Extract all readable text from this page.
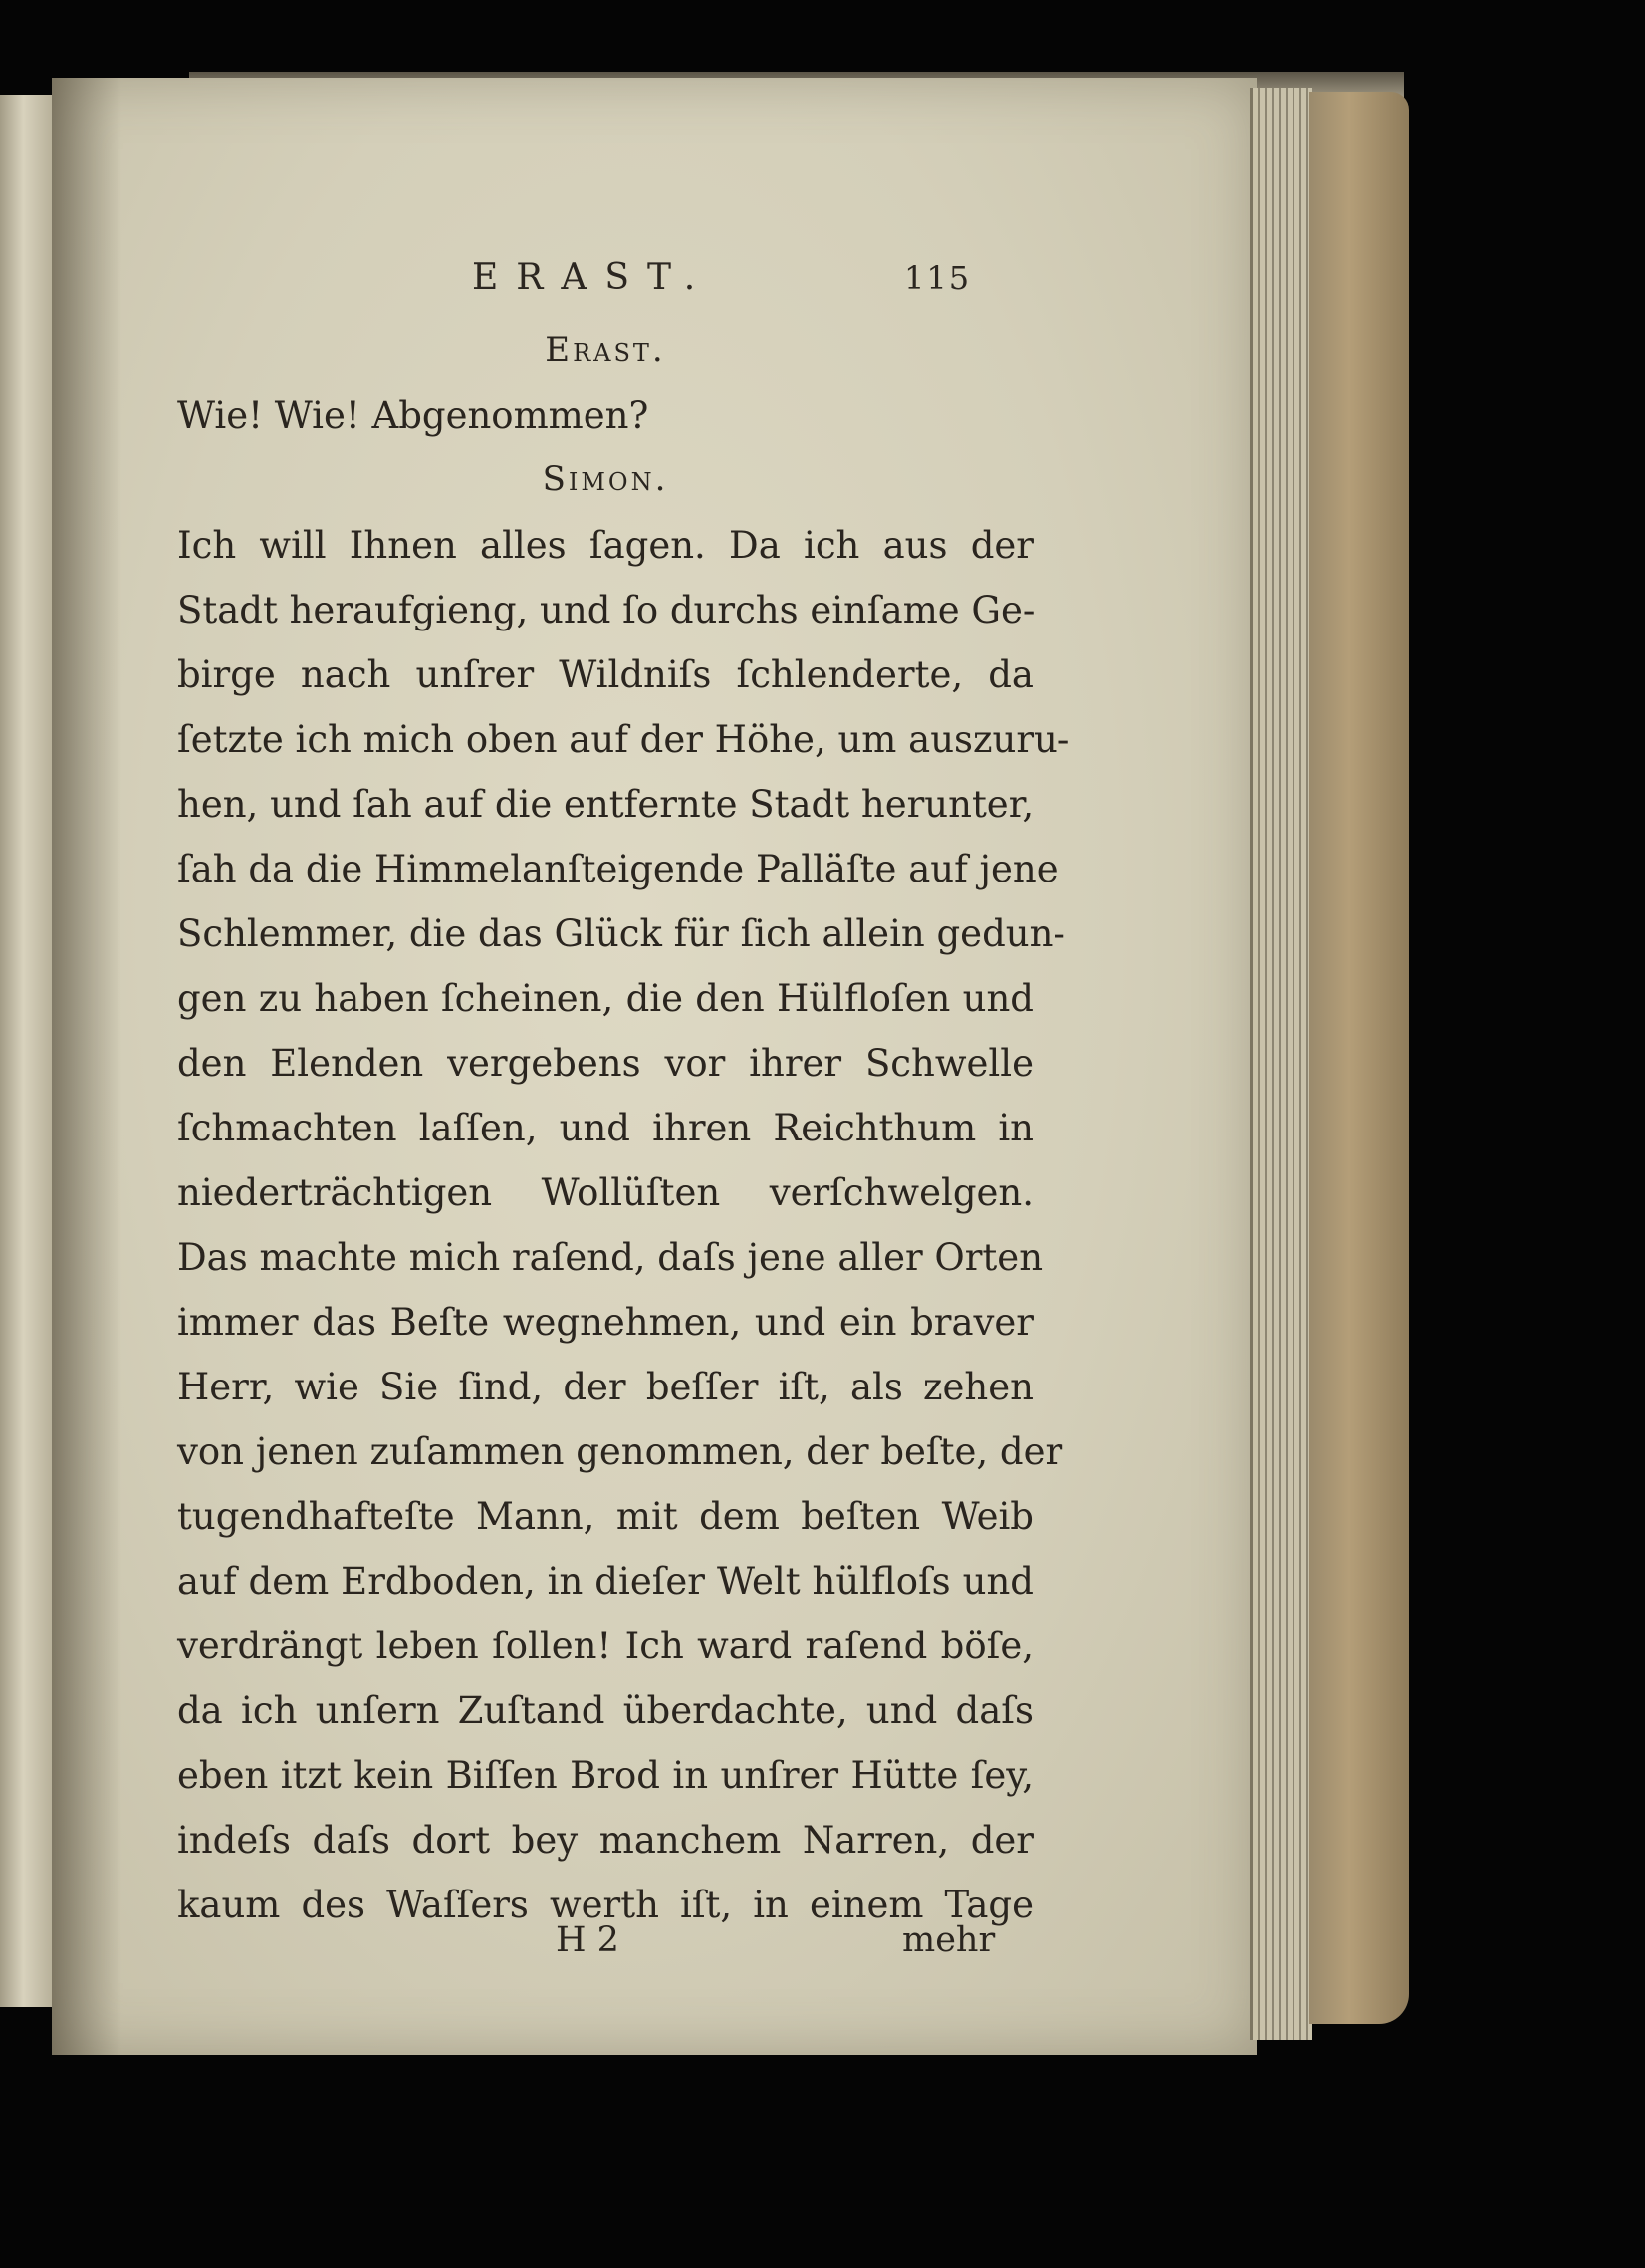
ERAST.	115
Erast.
Wie! Wie! Abgenommen?
Simon.
Ich will Ihnen alles ſagen. Da ich aus der
Stadt heraufgieng, und ſo durchs einſame Ge-
birge nach unſrer Wildniſs ſchlenderte, da
ſetzte ich mich oben auf der Höhe, um auszuru-
hen, und ſah auf die entfernte Stadt herunter,
ſah da die Himmelanſteigende Palläſte auf jene
Schlemmer, die das Glück für ſich allein gedun-
gen zu haben ſcheinen, die den Hülfloſen und
den Elenden vergebens vor ihrer Schwelle
ſchmachten laſſen, und ihren Reichthum in
niederträchtigen Wollüſten verſchwelgen.
Das machte mich raſend, daſs jene aller Orten
immer das Beſte wegnehmen, und ein braver
Herr, wie Sie ſind, der beſſer iſt, als zehen
von jenen zuſammen genommen, der beſte, der
tugendhafteſte Mann, mit dem beſten Weib
auf dem Erdboden, in dieſer Welt hülfloſs und
verdrängt leben ſollen! Ich ward raſend böſe,
da ich unſern Zuſtand überdachte, und daſs
eben itzt kein Biſſen Brod in unſrer Hütte ſey,
indeſs daſs dort bey manchem Narren, der
kaum des Waſſers werth iſt, in einem Tage
H 2	mehr
